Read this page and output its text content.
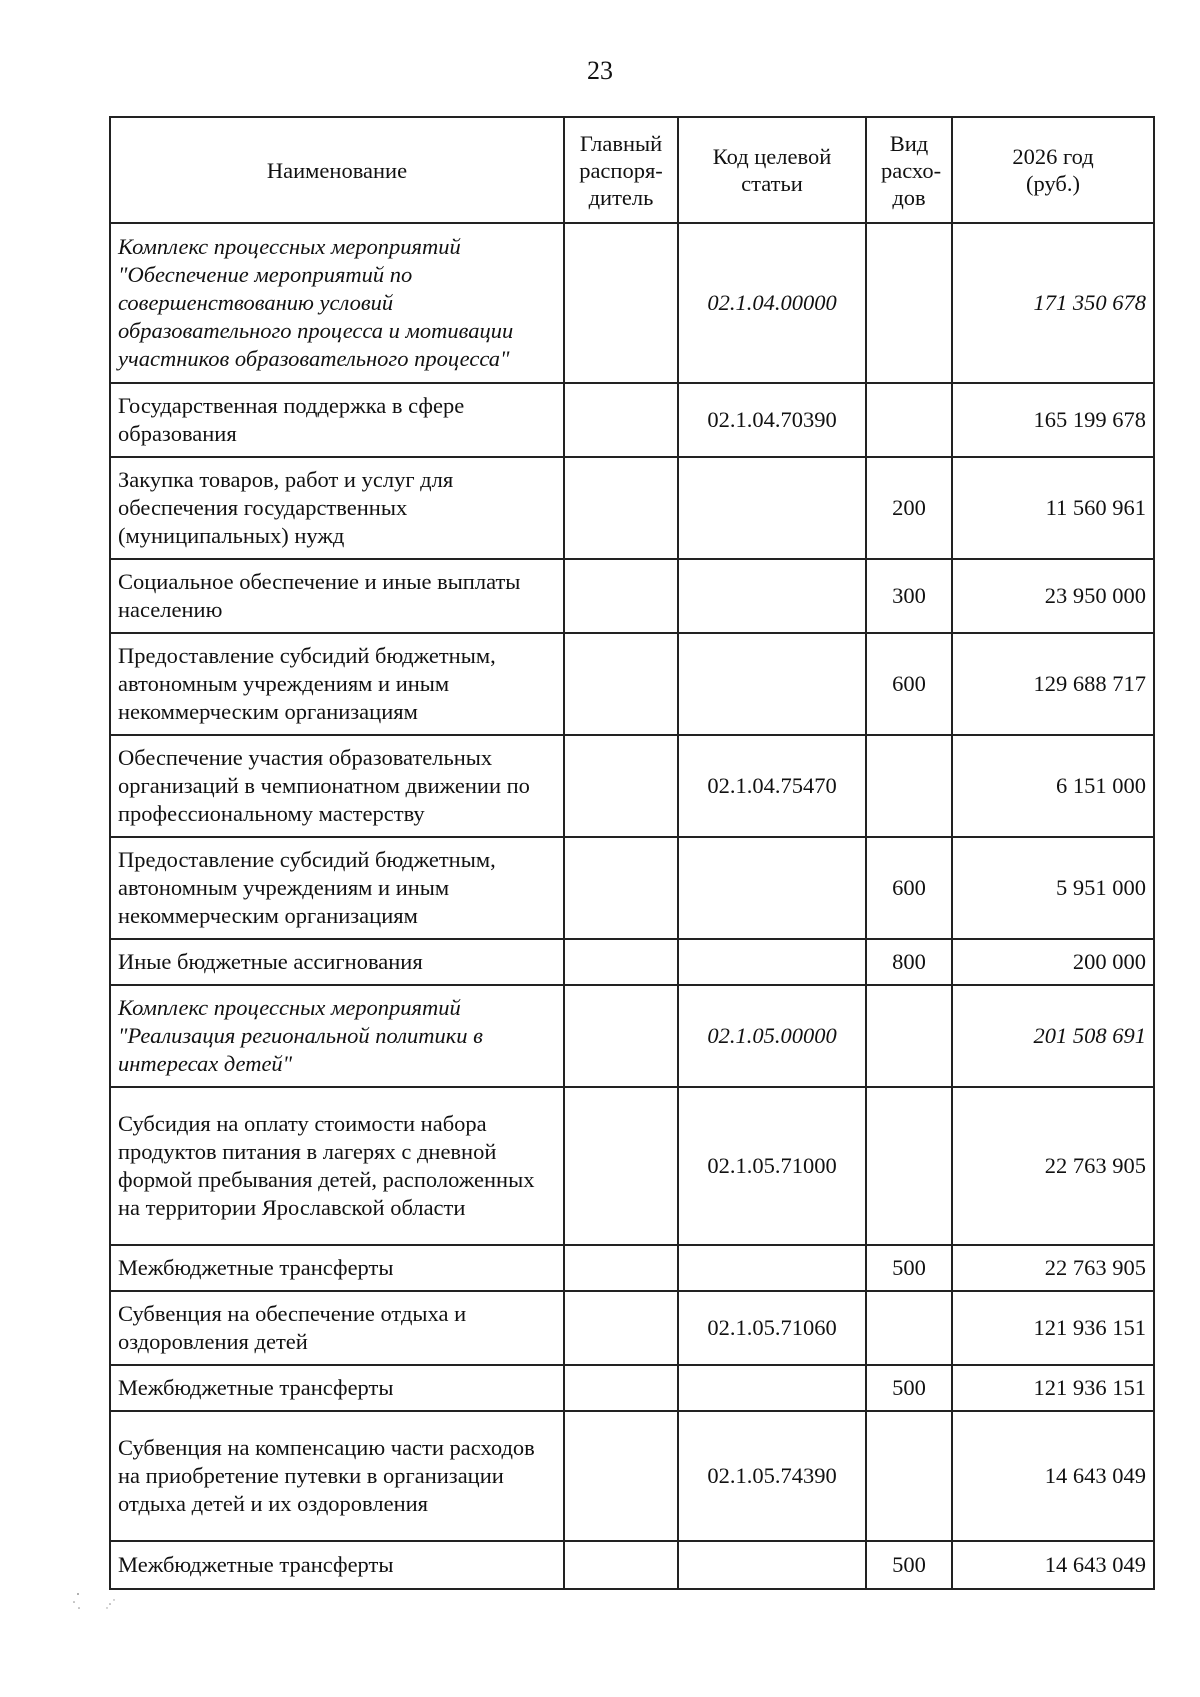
23
Наименование	Главный распоря-дитель	Код целевой статьи	Вид расхо-дов	2026 год (руб.)
Комплекс процессных мероприятий "Обеспечение мероприятий по совершенствованию условий образовательного процесса и мотивации участников образовательного процесса"		02.1.04.00000		171 350 678
Государственная поддержка в сфере образования		02.1.04.70390		165 199 678
Закупка товаров, работ и услуг для обеспечения государственных (муниципальных) нужд			200	11 560 961
Социальное обеспечение и иные выплаты населению			300	23 950 000
Предоставление субсидий бюджетным, автономным учреждениям и иным некоммерческим организациям			600	129 688 717
Обеспечение участия образовательных организаций в чемпионатном движении по профессиональному мастерству		02.1.04.75470		6 151 000
Предоставление субсидий бюджетным, автономным учреждениям и иным некоммерческим организациям			600	5 951 000
Иные бюджетные ассигнования			800	200 000
Комплекс процессных мероприятий "Реализация региональной политики в интересах детей"		02.1.05.00000		201 508 691
Субсидия на оплату стоимости набора продуктов питания в лагерях с дневной формой пребывания детей, расположенных на территории Ярославской области		02.1.05.71000		22 763 905
Межбюджетные трансферты			500	22 763 905
Субвенция на обеспечение отдыха и оздоровления детей		02.1.05.71060		121 936 151
Межбюджетные трансферты			500	121 936 151
Субвенция на компенсацию части расходов на приобретение путевки в организации отдыха детей и их оздоровления		02.1.05.74390		14 643 049
Межбюджетные трансферты			500	14 643 049
